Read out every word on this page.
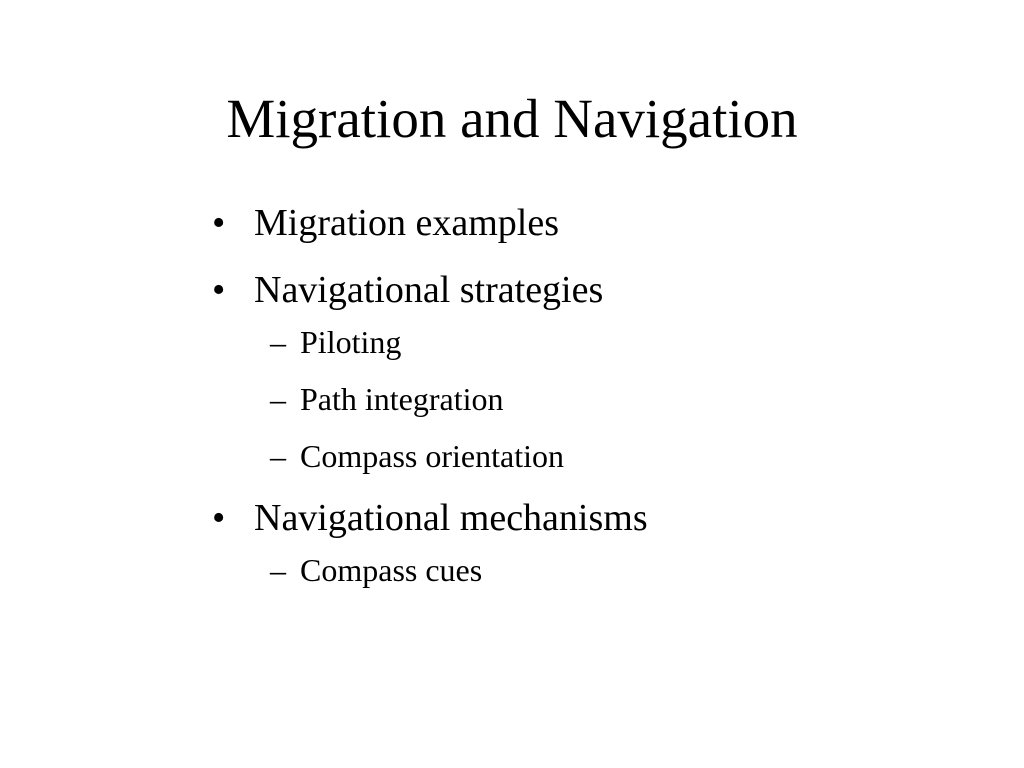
Migration and Navigation
• Migration examples
• Navigational strategies
– Piloting
– Path integration
– Compass orientation
• Navigational mechanisms
– Compass cues
